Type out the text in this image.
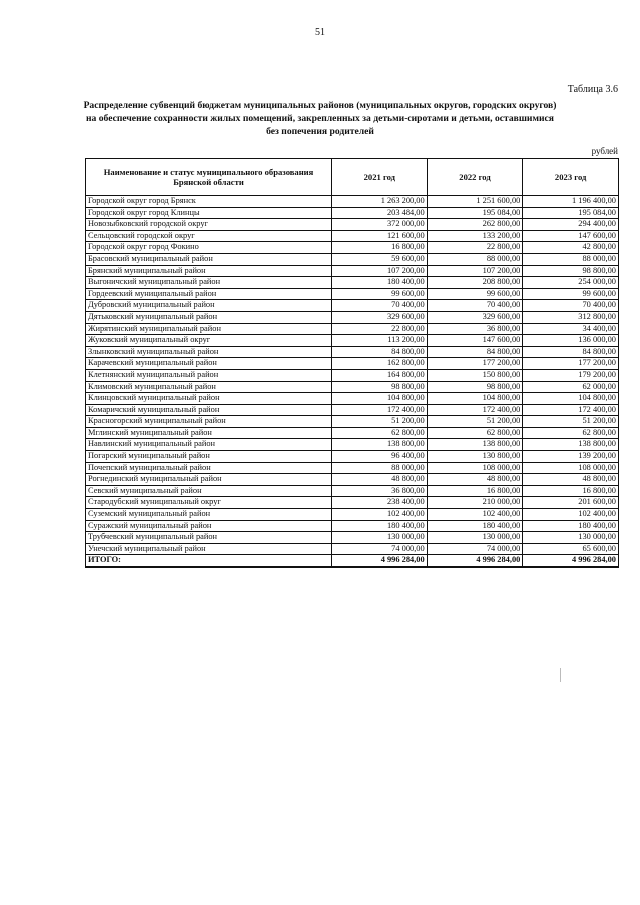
51
Таблица 3.6
Распределение субвенций бюджетам муниципальных районов (муниципальных округов, городских округов) на обеспечение сохранности жилых помещений, закрепленных за детьми-сиротами и детьми, оставшимися без попечения родителей
рублей
Наименование и статус муниципального образования Брянской области	2021 год	2022 год	2023 год
Городской округ город Брянск	1 263 200,00	1 251 600,00	1 196 400,00
Городской округ город Клинцы	203 484,00	195 084,00	195 084,00
Новозыбковский городской округ	372 000,00	262 800,00	294 400,00
Сельцовский городской округ	121 600,00	133 200,00	147 600,00
Городской округ город Фокино	16 800,00	22 800,00	42 800,00
Брасовский муниципальный район	59 600,00	88 000,00	88 000,00
Брянский муниципальный район	107 200,00	107 200,00	98 800,00
Выгоничский муниципальный район	180 400,00	208 800,00	254 000,00
Гордеевский муниципальный район	99 600,00	99 600,00	99 600,00
Дубровский муниципальный район	70 400,00	70 400,00	70 400,00
Дятьковский муниципальный район	329 600,00	329 600,00	312 800,00
Жирятинский муниципальный район	22 800,00	36 800,00	34 400,00
Жуковский муниципальный округ	113 200,00	147 600,00	136 000,00
Злынковский муниципальный район	84 800,00	84 800,00	84 800,00
Карачевский муниципальный район	162 800,00	177 200,00	177 200,00
Клетнянский муниципальный район	164 800,00	150 800,00	179 200,00
Климовский муниципальный район	98 800,00	98 800,00	62 000,00
Клинцовский муниципальный район	104 800,00	104 800,00	104 800,00
Комаричский муниципальный район	172 400,00	172 400,00	172 400,00
Красногорский муниципальный район	51 200,00	51 200,00	51 200,00
Мглинский муниципальный район	62 800,00	62 800,00	62 800,00
Навлинский муниципальный район	138 800,00	138 800,00	138 800,00
Погарский муниципальный район	96 400,00	130 800,00	139 200,00
Почепский муниципальный район	88 000,00	108 000,00	108 000,00
Рогнединский муниципальный район	48 800,00	48 800,00	48 800,00
Севский муниципальный район	36 800,00	16 800,00	16 800,00
Стародубский муниципальный округ	238 400,00	210 000,00	201 600,00
Суземский муниципальный район	102 400,00	102 400,00	102 400,00
Суражский муниципальный район	180 400,00	180 400,00	180 400,00
Трубчевский муниципальный район	130 000,00	130 000,00	130 000,00
Унечский муниципальный район	74 000,00	74 000,00	65 600,00
ИТОГО:	4 996 284,00	4 996 284,00	4 996 284,00
